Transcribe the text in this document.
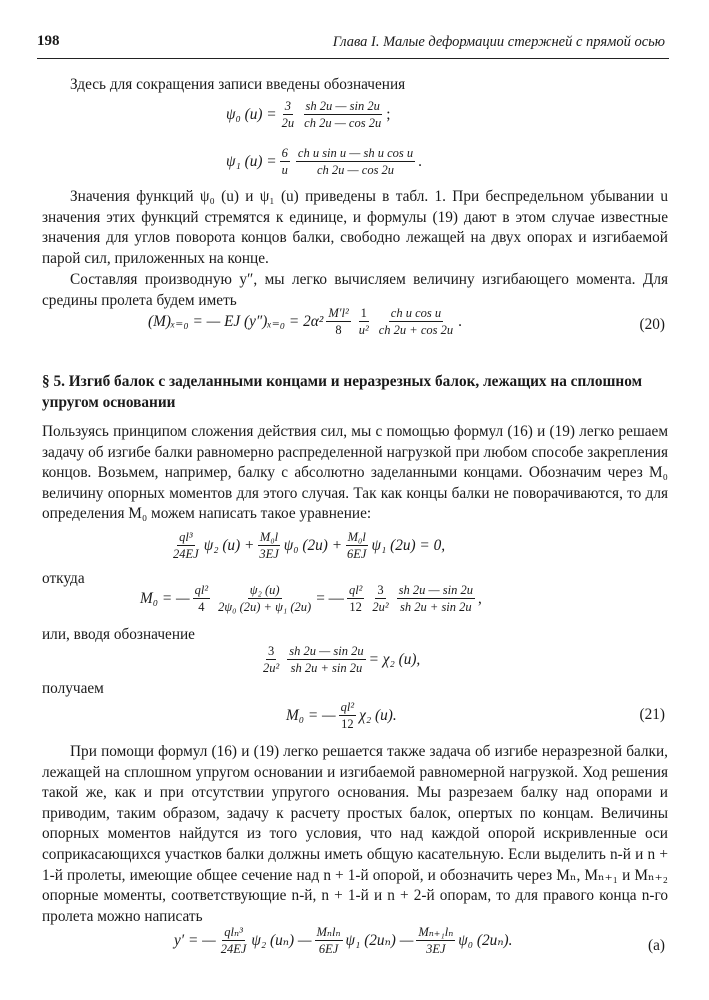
198	Глава I. Малые деформации стержней с прямой осью

Здесь для сокращения записи введены обозначения

ψ₀ $(u) = \frac{3}{2u} \frac{sh 2u — \sin 2u}{ch 2u — \cos 2u}$ ;
ψ₁ $(u) = \frac{6}{u} \frac{\text{ch u sin u — sh u cos u}}{ch 2u — \cos 2u}$ .

Значения функций ψ₀ (u) и ψ₁ (u) приведены в табл. 1. При беспредельном убывании u значения этих функций стремятся к единице, и формулы (19) дают в этом случае известные значения для углов поворота концов балки, свободно лежащей на двух опорах и изгибаемой парой сил, приложенных на конце.

Составляя производную y″, мы легко вычисляем величину изгибающего момента. Для средины пролета будем иметь

(M)ₓ₌₀ = — EJ $(y'')_{x=0} = 2\alpha^2 \frac{\text{M′l²}}{8} \frac{1}{\text{u²}} \frac{\text{ch u cos u}}{ch 2u + \cos 2u}$ .	(20)

§ 5. Изгиб балок с заделанными концами и неразрезных балок, лежащих на сплошном упругом основании

Пользуясь принципом сложения действия сил, мы с помощью формул (16) и (19) легко решаем задачу об изгибе балки равномерно распределенной нагрузкой при любом способе закрепления концов. Возьмем, например, балку с абсолютно заделанными концами. Обозначим через M₀ величину опорных моментов для этого случая. Так как концы балки не поворачиваются, то для определения M₀ можем написать такое уравнение:

$\frac{\text{ql³}}{24EJ} \psi_2$ $(u) + \frac{\text{M₀l}}{3EJ} \psi_0$ $(2u) + \frac{\text{M₀l}}{6EJ} \psi_1$ (2u) = 0,
откуда
M₀ = — $\frac{\text{ql²}}{4} \frac{\text{ψ₂ (u)}}{\text{2ψ₀ (2u) + ψ₁ (2u)}}$ = — $\frac{\text{ql²}}{12} \frac{3}{\text{2u²}} \frac{sh 2u — \sin 2u}{sh 2u + \sin 2u}$ ,
или, вводя обозначение
$\frac{3}{\text{2u²}} \frac{sh 2u — \sin 2u}{sh 2u + \sin 2u} = \chi_2$ (u),
получаем
M₀ = — $\frac{\text{ql²}}{12} \chi_2$ (u).	(21)

При помощи формул (16) и (19) легко решается также задача об изгибе неразрезной балки, лежащей на сплошном упругом основании и изгибаемой равномерной нагрузкой. Ход решения такой же, как и при отсутствии упругого основания. Мы разрезаем балку над опорами и приводим, таким образом, задачу к расчету простых балок, опертых по концам. Величины опорных моментов найдутся из того условия, что над каждой опорой искривленные оси соприкасающихся участков балки должны иметь общую касательную. Если выделить n-й и n + 1-й пролеты, имеющие общее сечение над n + 1-й опорой, и обозначить через Mₙ, Mₙ₊₁ и Mₙ₊₂ опорные моменты, соответствующие n-й, n + 1-й и n + 2-й опорам, то для правого конца n-го пролета можно написать

y′ = — $\frac{\text{qlₙ³}}{24EJ} \psi_2$ (uₙ) — $\frac{\text{Mₙlₙ}}{6EJ} \psi_1$ (2uₙ) — $\frac{\text{Mₙ₊₁lₙ}}{3EJ} \psi_0$ (2uₙ).	(а)
